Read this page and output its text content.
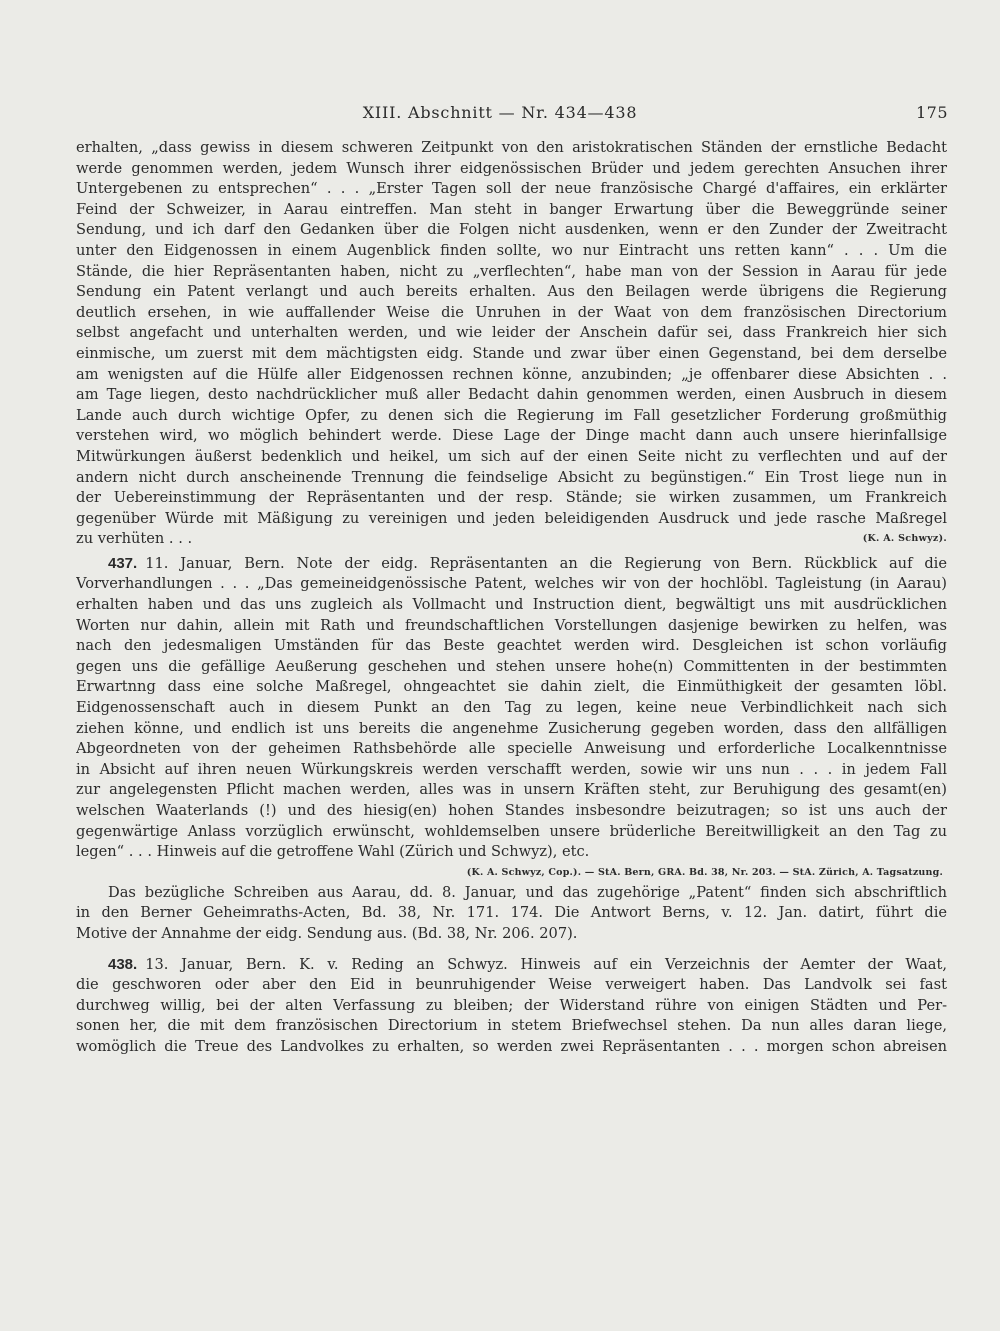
XIII. Abschnitt — Nr. 434—438	175
erhalten, „dass gewiss in diesem schweren Zeitpunkt von den aristokratischen Ständen der ernstliche Bedacht
werde genommen werden, jedem Wunsch ihrer eidgenössischen Brüder und jedem gerechten Ansuchen ihrer
Untergebenen zu entsprechen“ . . . „Erster Tagen soll der neue französische Chargé d'affaires, ein erklärter
Feind der Schweizer, in Aarau eintreffen. Man steht in banger Erwartung über die Beweggründe seiner
Sendung, und ich darf den Gedanken über die Folgen nicht ausdenken, wenn er den Zunder der Zweitracht
unter den Eidgenossen in einem Augenblick finden sollte, wo nur Eintracht uns retten kann“ . . . Um die
Stände, die hier Repräsentanten haben, nicht zu „verflechten“, habe man von der Session in Aarau für jede
Sendung ein Patent verlangt und auch bereits erhalten. Aus den Beilagen werde übrigens die Regierung
deutlich ersehen, in wie auffallender Weise die Unruhen in der Waat von dem französischen Directorium
selbst angefacht und unterhalten werden, und wie leider der Anschein dafür sei, dass Frankreich hier sich
einmische, um zuerst mit dem mächtigsten eidg. Stande und zwar über einen Gegenstand, bei dem derselbe
am wenigsten auf die Hülfe aller Eidgenossen rechnen könne, anzubinden; „je offenbarer diese Absichten . .
am Tage liegen, desto nachdrücklicher muß aller Bedacht dahin genommen werden, einen Ausbruch in diesem
Lande auch durch wichtige Opfer, zu denen sich die Regierung im Fall gesetzlicher Forderung großmüthig
verstehen wird, wo möglich behindert werde. Diese Lage der Dinge macht dann auch unsere hierinfallsige
Mitwürkungen äußerst bedenklich und heikel, um sich auf der einen Seite nicht zu verflechten und auf der
andern nicht durch anscheinende Trennung die feindselige Absicht zu begünstigen.“ Ein Trost liege nun in
der Uebereinstimmung der Repräsentanten und der resp. Stände; sie wirken zusammen, um Frankreich
gegenüber Würde mit Mäßigung zu vereinigen und jeden beleidigenden Ausdruck und jede rasche Maßregel
zu verhüten . . .	(K. A. Schwyz).
437. 11. Januar, Bern. Note der eidg. Repräsentanten an die Regierung von Bern. Rückblick auf die
Vorverhandlungen . . . „Das gemeineidgenössische Patent, welches wir von der hochlöbl. Tagleistung (in Aarau)
erhalten haben und das uns zugleich als Vollmacht und Instruction dient, begwältigt uns mit ausdrücklichen
Worten nur dahin, allein mit Rath und freundschaftlichen Vorstellungen dasjenige bewirken zu helfen, was
nach den jedesmaligen Umständen für das Beste geachtet werden wird. Desgleichen ist schon vorläufig
gegen uns die gefällige Aeußerung geschehen und stehen unsere hohe(n) Committenten in der bestimmten
Erwartnng dass eine solche Maßregel, ohngeachtet sie dahin zielt, die Einmüthigkeit der gesamten löbl.
Eidgenossenschaft auch in diesem Punkt an den Tag zu legen, keine neue Verbindlichkeit nach sich
ziehen könne, und endlich ist uns bereits die angenehme Zusicherung gegeben worden, dass den allfälligen
Abgeordneten von der geheimen Rathsbehörde alle specielle Anweisung und erforderliche Localkenntnisse
in Absicht auf ihren neuen Würkungskreis werden verschafft werden, sowie wir uns nun . . . in jedem Fall
zur angelegensten Pflicht machen werden, alles was in unsern Kräften steht, zur Beruhigung des gesamt(en)
welschen Waaterlands (!) und des hiesig(en) hohen Standes insbesondre beizutragen; so ist uns auch der
gegenwärtige Anlass vorzüglich erwünscht, wohldemselben unsere brüderliche Bereitwilligkeit an den Tag zu
legen“ . . . Hinweis auf die getroffene Wahl (Zürich und Schwyz), etc.
(K. A. Schwyz, Cop.). — StA. Bern, GRA. Bd. 38, Nr. 203. — StA. Zürich, A. Tagsatzung.
Das bezügliche Schreiben aus Aarau, dd. 8. Januar, und das zugehörige „Patent“ finden sich abschriftlich
in den Berner Geheimraths-Acten, Bd. 38, Nr. 171. 174. Die Antwort Berns, v. 12. Jan. datirt, führt die
Motive der Annahme der eidg. Sendung aus. (Bd. 38, Nr. 206. 207).
438. 13. Januar, Bern. K. v. Reding an Schwyz. Hinweis auf ein Verzeichnis der Aemter der Waat,
die geschworen oder aber den Eid in beunruhigender Weise verweigert haben. Das Landvolk sei fast
durchweg willig, bei der alten Verfassung zu bleiben; der Widerstand rühre von einigen Städten und Per-
sonen her, die mit dem französischen Directorium in stetem Briefwechsel stehen. Da nun alles daran liege,
womöglich die Treue des Landvolkes zu erhalten, so werden zwei Repräsentanten . . . morgen schon abreisen
